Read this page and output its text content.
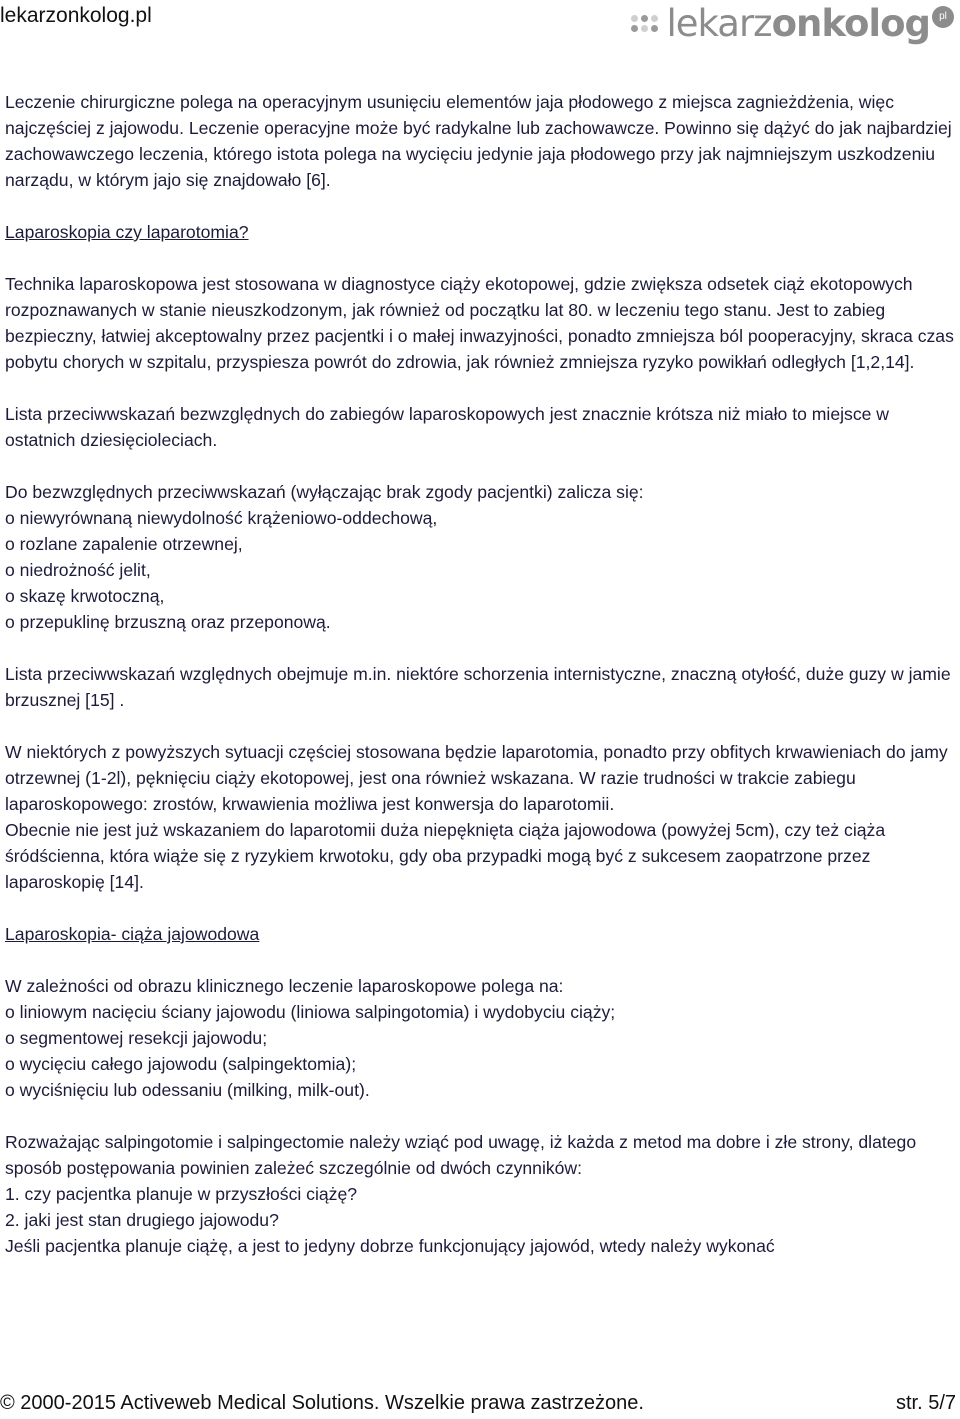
lekarzonkolog.pl	lekarzonkolog pl

Leczenie chirurgiczne polega na operacyjnym usunięciu elementów jaja płodowego z miejsca zagnieżdżenia, więc najczęściej z jajowodu. Leczenie operacyjne może być radykalne lub zachowawcze. Powinno się dążyć do jak najbardziej zachowawczego leczenia, którego istota polega na wycięciu jedynie jaja płodowego przy jak najmniejszym uszkodzeniu narządu, w którym jajo się znajdowało [6].

Laparoskopia czy laparotomia?

Technika laparoskopowa jest stosowana w diagnostyce ciąży ekotopowej, gdzie zwiększa odsetek ciąż ekotopowych rozpoznawanych w stanie nieuszkodzonym, jak również od początku lat 80. w leczeniu tego stanu. Jest to zabieg bezpieczny, łatwiej akceptowalny przez pacjentki i o małej inwazyjności, ponadto zmniejsza ból pooperacyjny, skraca czas pobytu chorych w szpitalu, przyspiesza powrót do zdrowia, jak również zmniejsza ryzyko powikłań odległych [1,2,14].

Lista przeciwwskazań bezwzględnych do zabiegów laparoskopowych jest znacznie krótsza niż miało to miejsce w ostatnich dziesięcioleciach.

Do bezwzględnych przeciwwskazań (wyłączając brak zgody pacjentki) zalicza się:
o niewyrównaną niewydolność krążeniowo-oddechową,
o rozlane zapalenie otrzewnej,
o niedrożność jelit,
o skazę krwotoczną,
o przepuklinę brzuszną oraz przeponową.

Lista przeciwwskazań względnych obejmuje m.in. niektóre schorzenia internistyczne, znaczną otyłość, duże guzy w jamie brzusznej [15] .

W niektórych z powyższych sytuacji częściej stosowana będzie laparotomia, ponadto przy obfitych krwawieniach do jamy otrzewnej (1-2l), pęknięciu ciąży ekotopowej, jest ona również wskazana. W razie trudności w trakcie zabiegu laparoskopowego: zrostów, krwawienia możliwa jest konwersja do laparotomii.
Obecnie nie jest już wskazaniem do laparotomii duża niepęknięta ciąża jajowodowa (powyżej 5cm), czy też ciąża śródścienna, która wiąże się z ryzykiem krwotoku, gdy oba przypadki mogą być z sukcesem zaopatrzone przez laparoskopię [14].

Laparoskopia- ciąża jajowodowa

W zależności od obrazu klinicznego leczenie laparoskopowe polega na:
o liniowym nacięciu ściany jajowodu (liniowa salpingotomia) i wydobyciu ciąży;
o segmentowej resekcji jajowodu;
o wycięciu całego jajowodu (salpingektomia);
o wyciśnięciu lub odessaniu (milking, milk-out).

Rozważając salpingotomie i salpingectomie należy wziąć pod uwagę, iż każda z metod ma dobre i złe strony, dlatego sposób postępowania powinien zależeć szczególnie od dwóch czynników:
1. czy pacjentka planuje w przyszłości ciążę?
2. jaki jest stan drugiego jajowodu?
Jeśli pacjentka planuje ciążę, a jest to jedyny dobrze funkcjonujący jajowód, wtedy należy wykonać

© 2000-2015 Activeweb Medical Solutions. Wszelkie prawa zastrzeżone.	str. 5/7
